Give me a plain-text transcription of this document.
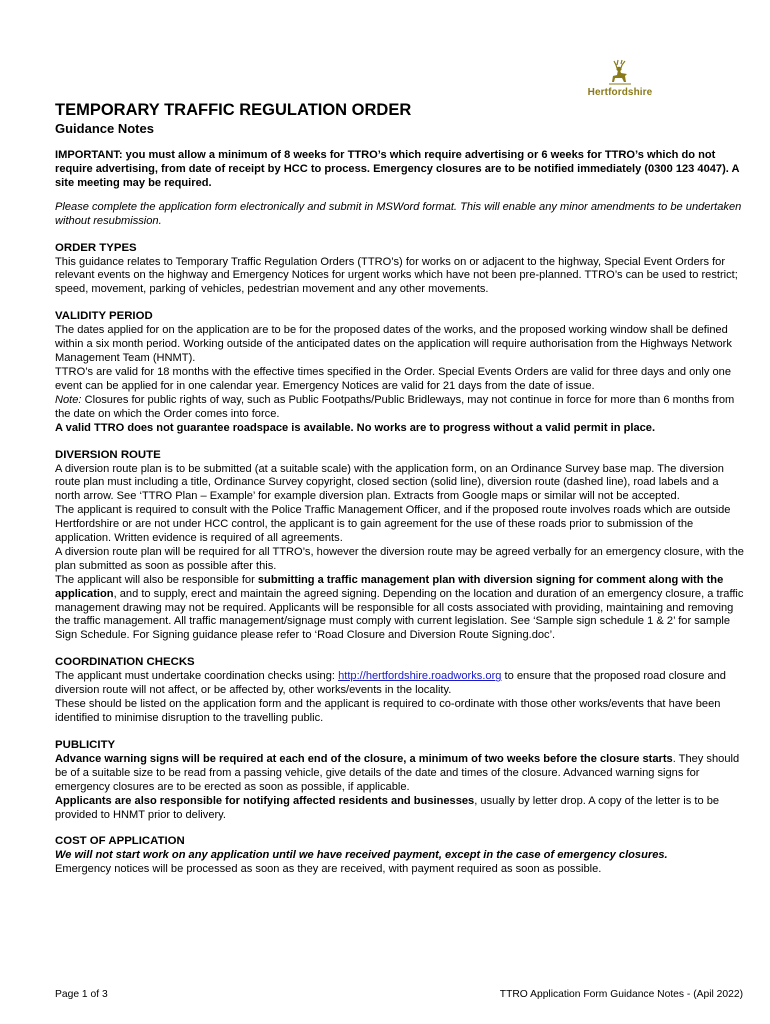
Hertfordshire
TEMPORARY TRAFFIC REGULATION ORDER
Guidance Notes

IMPORTANT: you must allow a minimum of 8 weeks for TTRO’s which require advertising or 6 weeks for TTRO’s which do not require advertising, from date of receipt by HCC to process. Emergency closures are to be notified immediately (0300 123 4047). A site meeting may be required.

Please complete the application form electronically and submit in MSWord format. This will enable any minor amendments to be undertaken without resubmission.

ORDER TYPES

This guidance relates to Temporary Traffic Regulation Orders (TTRO’s) for works on or adjacent to the highway, Special Event Orders for relevant events on the highway and Emergency Notices for urgent works which have not been pre-planned. TTRO’s can be used to restrict; speed, movement, parking of vehicles, pedestrian movement and any other movements.

VALIDITY PERIOD

The dates applied for on the application are to be for the proposed dates of the works, and the proposed working window shall be defined within a six month period. Working outside of the anticipated dates on the application will require authorisation from the Highways Network Management Team (HNMT).

TTRO’s are valid for 18 months with the effective times specified in the Order. Special Events Orders are valid for three days and only one event can be applied for in one calendar year. Emergency Notices are valid for 21 days from the date of issue.

Note: Closures for public rights of way, such as Public Footpaths/Public Bridleways, may not continue in force for more than 6 months from the date on which the Order comes into force.

A valid TTRO does not guarantee roadspace is available. No works are to progress without a valid permit in place.

DIVERSION ROUTE

A diversion route plan is to be submitted (at a suitable scale) with the application form, on an Ordinance Survey base map. The diversion route plan must including a title, Ordinance Survey copyright, closed section (solid line), diversion route (dashed line), road labels and a north arrow. See ‘TTRO Plan – Example’ for example diversion plan. Extracts from Google maps or similar will not be accepted.

The applicant is required to consult with the Police Traffic Management Officer, and if the proposed route involves roads which are outside Hertfordshire or are not under HCC control, the applicant is to gain agreement for the use of these roads prior to submission of the application. Written evidence is required of all agreements.

A diversion route plan will be required for all TTRO’s, however the diversion route may be agreed verbally for an emergency closure, with the plan submitted as soon as possible after this.

The applicant will also be responsible for submitting a traffic management plan with diversion signing for comment along with the application, and to supply, erect and maintain the agreed signing. Depending on the location and duration of an emergency closure, a traffic management drawing may not be required. Applicants will be responsible for all costs associated with providing, maintaining and removing the traffic management. All traffic management/signage must comply with current legislation. See ‘Sample sign schedule 1 & 2’ for sample Sign Schedule. For Signing guidance please refer to ‘Road Closure and Diversion Route Signing.doc’.

COORDINATION CHECKS

The applicant must undertake coordination checks using: http://hertfordshire.roadworks.org to ensure that the proposed road closure and diversion route will not affect, or be affected by, other works/events in the locality.

These should be listed on the application form and the applicant is required to co-ordinate with those other works/events that have been identified to minimise disruption to the travelling public.

PUBLICITY

Advance warning signs will be required at each end of the closure, a minimum of two weeks before the closure starts. They should be of a suitable size to be read from a passing vehicle, give details of the date and times of the closure. Advanced warning signs for emergency closures are to be erected as soon as possible, if applicable.

Applicants are also responsible for notifying affected residents and businesses, usually by letter drop. A copy of the letter is to be provided to HNMT prior to delivery.

COST OF APPLICATION

We will not start work on any application until we have received payment, except in the case of emergency closures.

Emergency notices will be processed as soon as they are received, with payment required as soon as possible.

Page 1 of 3	TTRO Application Form Guidance Notes - (Apil 2022)
